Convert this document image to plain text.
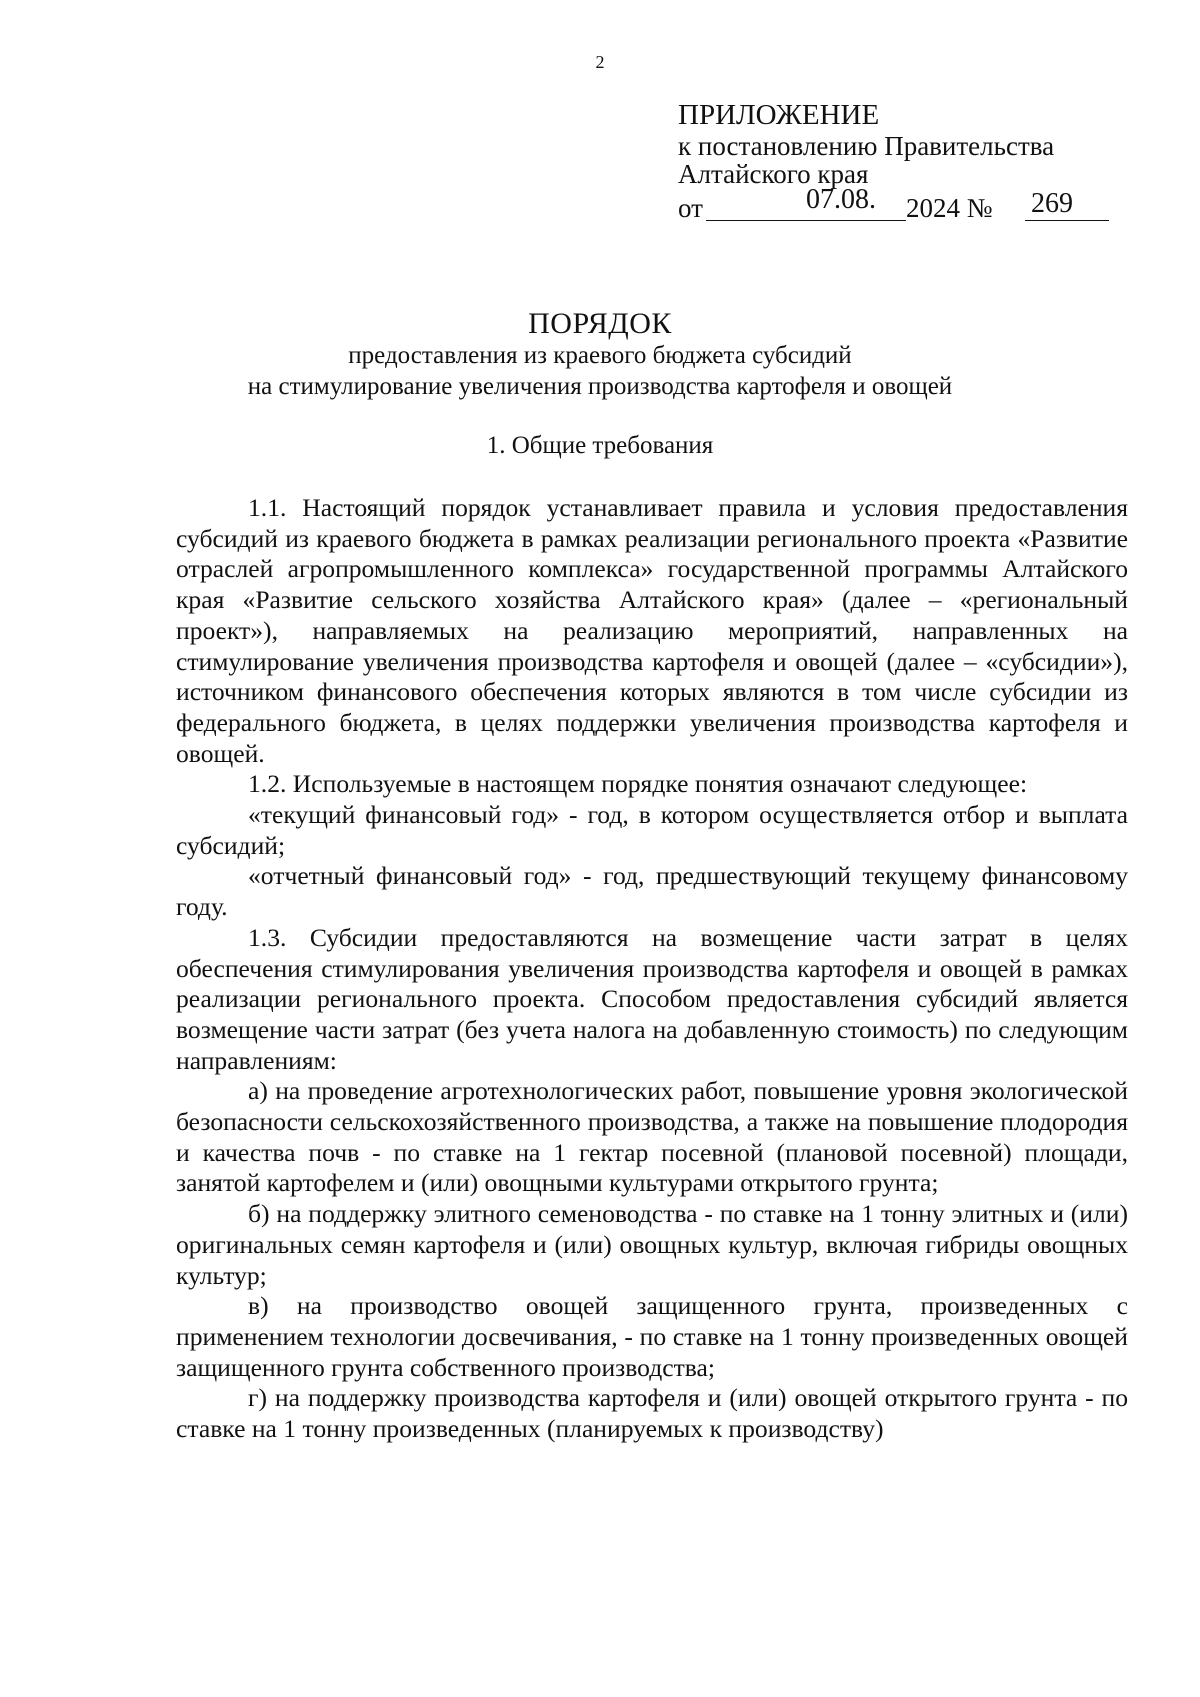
2
ПРИЛОЖЕНИЕ
к постановлению Правительства
Алтайского края
от	07.08. 2024 № 269
ПОРЯДОК
предоставления из краевого бюджета субсидий
на стимулирование увеличения производства картофеля и овощей
1. Общие требования

1.1. Настоящий порядок устанавливает правила и условия предоставления субсидий из краевого бюджета в рамках реализации регионального проекта «Развитие отраслей агропромышленного комплекса» государственной программы Алтайского края «Развитие сельского хозяйства Алтайского края» (далее – «региональный проект»), направляемых на реализацию мероприятий, направленных на стимулирование увеличения производства картофеля и овощей (далее – «субсидии»), источником финансового обеспечения которых являются в том числе субсидии из федерального бюджета, в целях поддержки увеличения производства картофеля и овощей.

1.2. Используемые в настоящем порядке понятия означают следующее:

«текущий финансовый год» - год, в котором осуществляется отбор и выплата субсидий;

«отчетный финансовый год» - год, предшествующий текущему финансовому году.

1.3. Субсидии предоставляются на возмещение части затрат в целях обеспечения стимулирования увеличения производства картофеля и овощей в рамках реализации регионального проекта. Способом предоставления субсидий является возмещение части затрат (без учета налога на добавленную стоимость) по следующим направлениям:

а) на проведение агротехнологических работ, повышение уровня экологической безопасности сельскохозяйственного производства, а также на повышение плодородия и качества почв - по ставке на 1 гектар посевной (плановой посевной) площади, занятой картофелем и (или) овощными культурами открытого грунта;

б) на поддержку элитного семеноводства - по ставке на 1 тонну элитных и (или) оригинальных семян картофеля и (или) овощных культур, включая гибриды овощных культур;

в) на производство овощей защищенного грунта, произведенных с применением технологии досвечивания, - по ставке на 1 тонну произведенных овощей защищенного грунта собственного производства;

г) на поддержку производства картофеля и (или) овощей открытого грунта - по ставке на 1 тонну произведенных (планируемых к производству)
